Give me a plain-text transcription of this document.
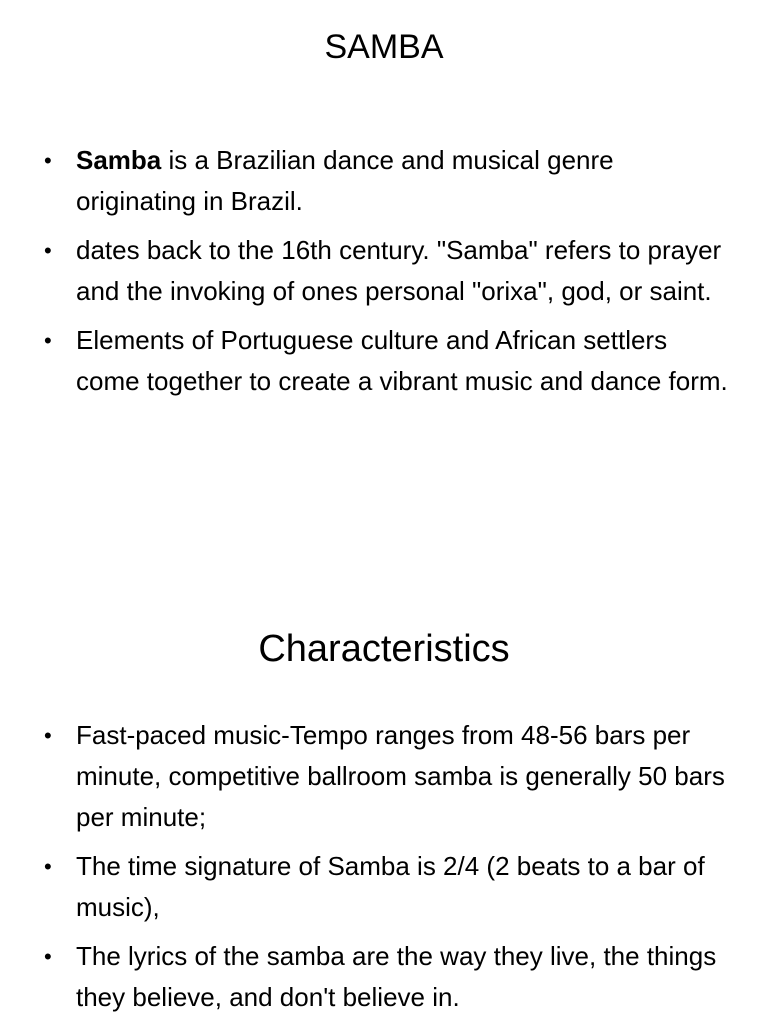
SAMBA
• Samba is a Brazilian dance and musical genre originating in Brazil.
• dates back to the 16th century. "Samba" refers to prayer and the invoking of ones personal "orixa", god, or saint.
• Elements of Portuguese culture and African settlers come together to create a vibrant music and dance form.
Characteristics
• Fast-paced music-Tempo ranges from 48-56 bars per minute, competitive ballroom samba is generally 50 bars per minute;
• The time signature of Samba is 2/4 (2 beats to a bar of music),
• The lyrics of the samba are the way they live, the things they believe, and don't believe in.
